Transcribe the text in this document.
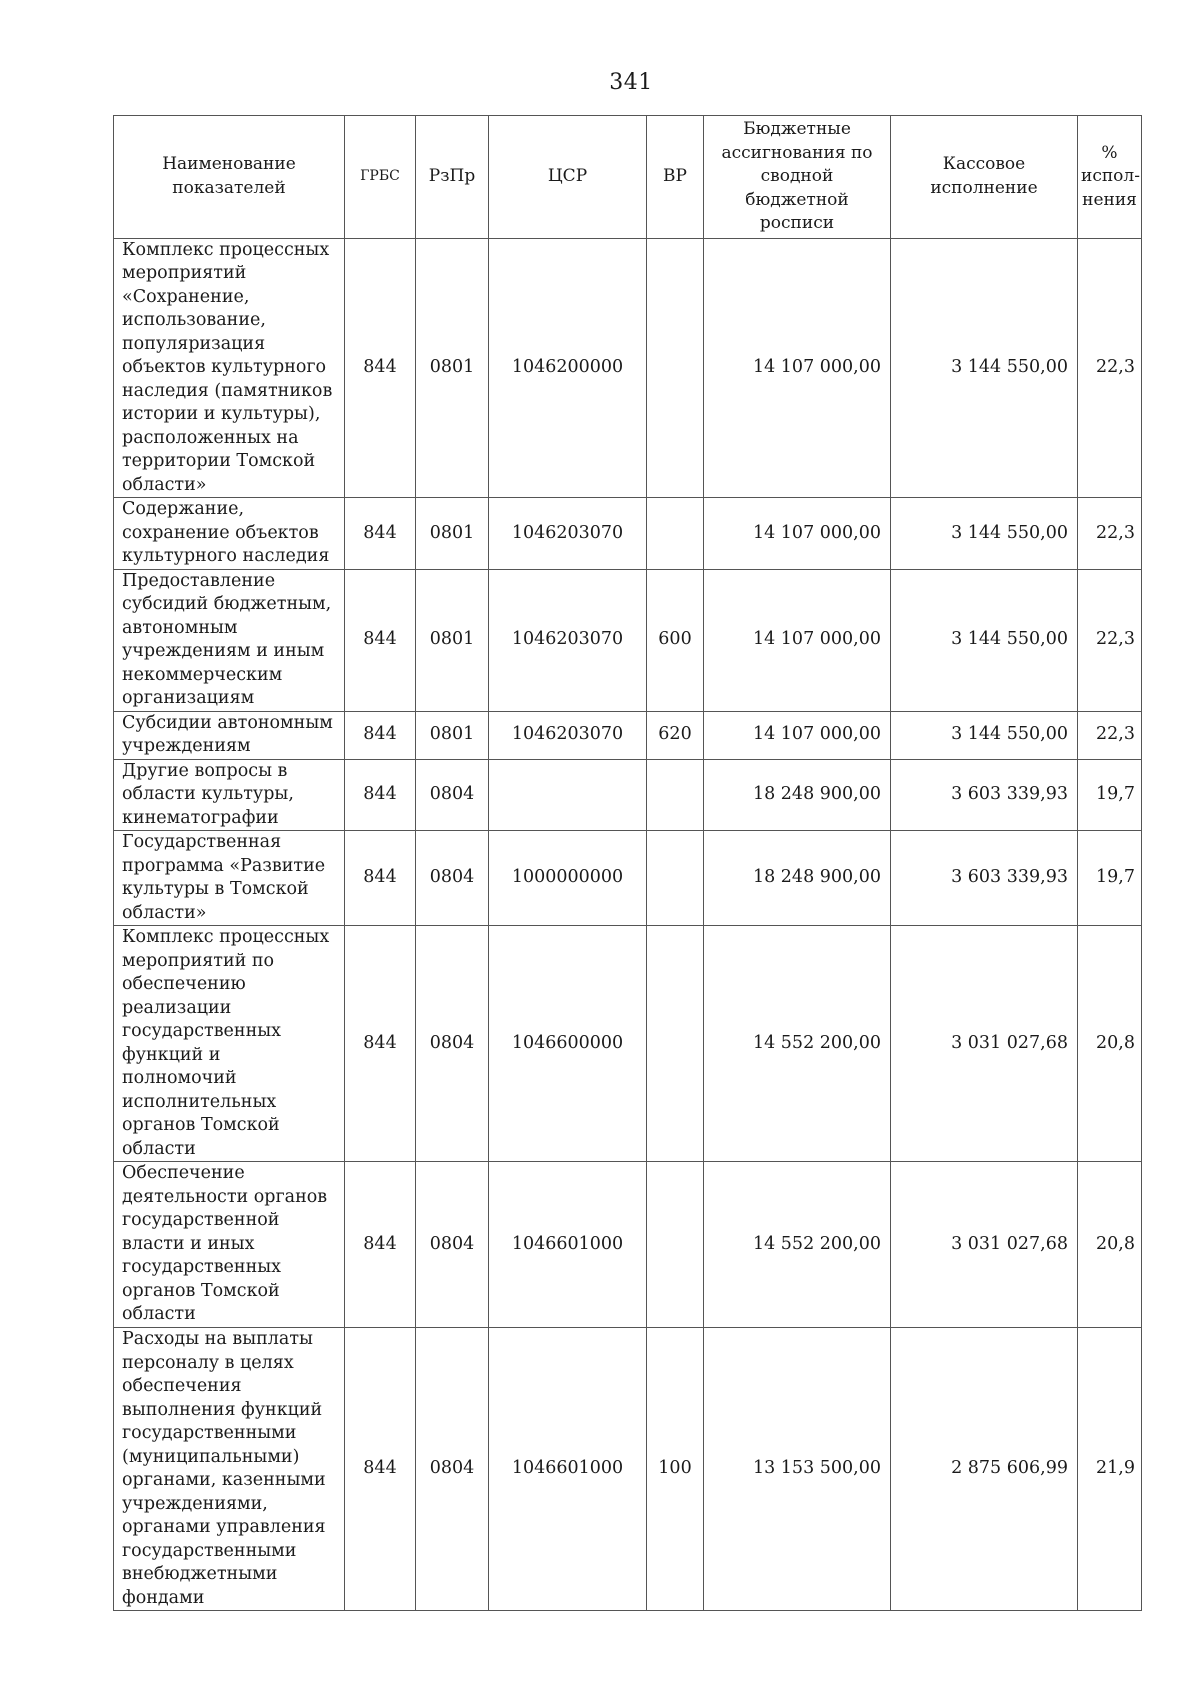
341
Наименование показателей	ГРБС	РзПр	ЦСР	ВР	Бюджетные ассигнования по сводной бюджетной росписи	Кассовое исполнение	% испол-нения
Комплекс процессных мероприятий «Сохранение, использование, популяризация объектов культурного наследия (памятников истории и культуры), расположенных на территории Томской области»	844	0801	1046200000		14 107 000,00	3 144 550,00	22,3
Содержание, сохранение объектов культурного наследия	844	0801	1046203070		14 107 000,00	3 144 550,00	22,3
Предоставление субсидий бюджетным, автономным учреждениям и иным некоммерческим организациям	844	0801	1046203070	600	14 107 000,00	3 144 550,00	22,3
Субсидии автономным учреждениям	844	0801	1046203070	620	14 107 000,00	3 144 550,00	22,3
Другие вопросы в области культуры, кинематографии	844	0804			18 248 900,00	3 603 339,93	19,7
Государственная программа «Развитие культуры в Томской области»	844	0804	1000000000		18 248 900,00	3 603 339,93	19,7
Комплекс процессных мероприятий по обеспечению реализации государственных функций и полномочий исполнительных органов Томской области	844	0804	1046600000		14 552 200,00	3 031 027,68	20,8
Обеспечение деятельности органов государственной власти и иных государственных органов Томской области	844	0804	1046601000		14 552 200,00	3 031 027,68	20,8
Расходы на выплаты персоналу в целях обеспечения выполнения функций государственными (муниципальными) органами, казенными учреждениями, органами управления государственными внебюджетными фондами	844	0804	1046601000	100	13 153 500,00	2 875 606,99	21,9
